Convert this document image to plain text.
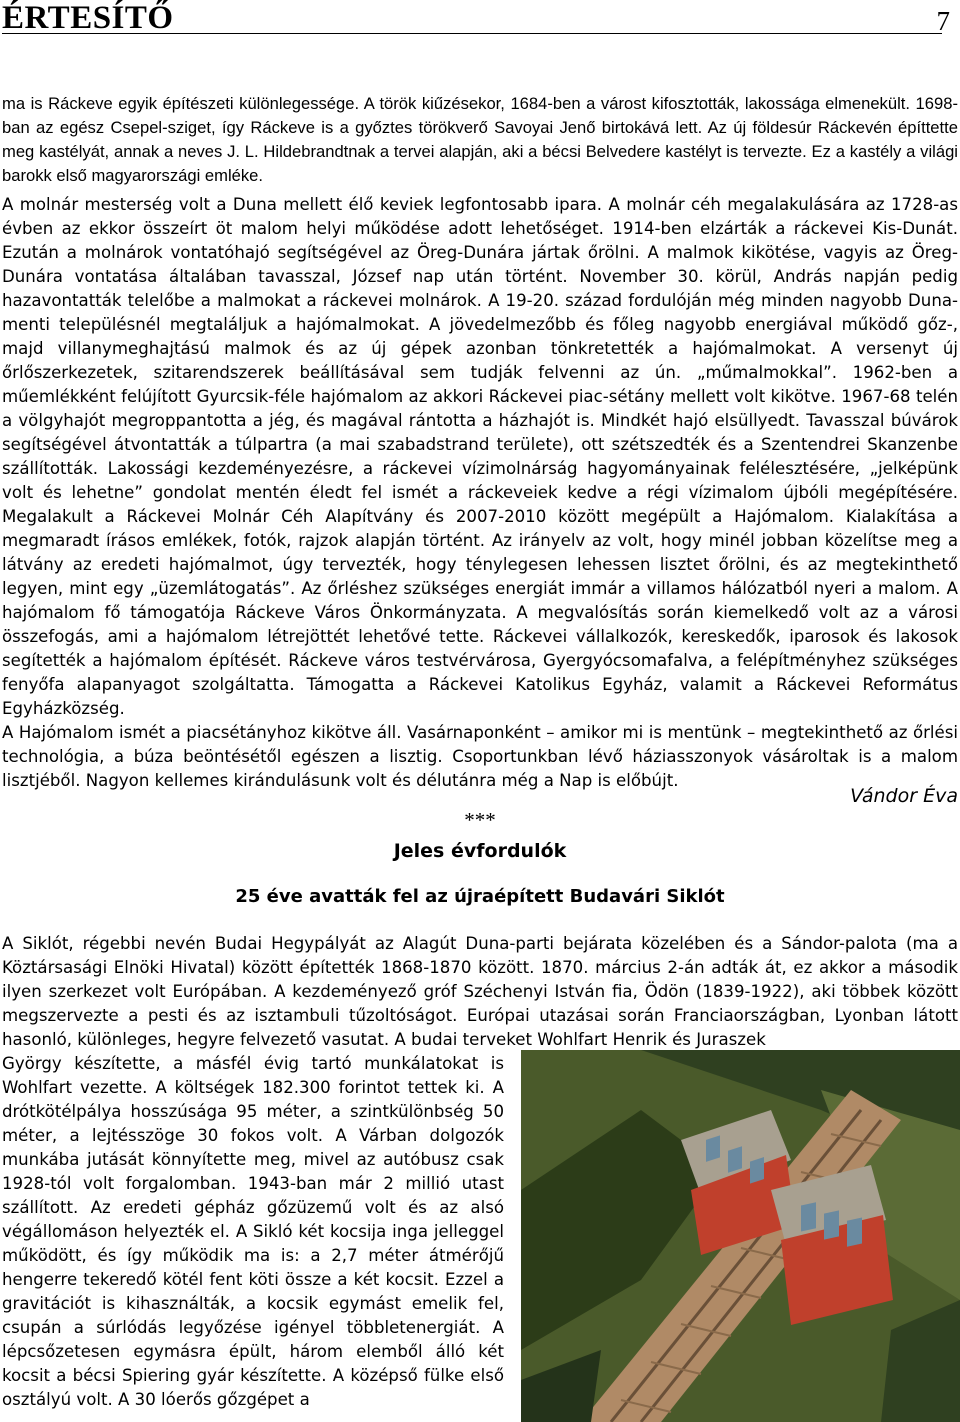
ÉRTESÍTŐ	7

ma is Ráckeve egyik építészeti különlegessége. A török kiűzésekor, 1684-ben a várost kifosztották, lakossága elmenekült. 1698-ban az egész Csepel-sziget, így Ráckeve is a győztes törökverő Savoyai Jenő birtokává lett. Az új földesúr Ráckevén építtette meg kastélyát, annak a neves J. L. Hildebrandtnak a tervei alapján, aki a bécsi Belvedere kastélyt is tervezte. Ez a kastély a világi barokk első magyarországi emléke.

A molnár mesterség volt a Duna mellett élő keviek legfontosabb ipara. A molnár céh megalakulására az 1728-as évben az ekkor összeírt öt malom helyi működése adott lehetőséget. 1914-ben elzárták a ráckevei Kis-Dunát. Ezután a molnárok vontatóhajó segítségével az Öreg-Dunára jártak őrölni. A malmok kikötése, vagyis az Öreg-Dunára vontatása általában tavasszal, József nap után történt. November 30. körül, András napján pedig hazavontatták telelőbe a malmokat a ráckevei molnárok. A 19-20. század fordulóján még minden nagyobb Duna-menti településnél megtaláljuk a hajómalmokat. A jövedelmezőbb és főleg nagyobb energiával működő gőz-, majd villanymeghajtású malmok és az új gépek azonban tönkretették a hajómalmokat. A versenyt új őrlőszerkezetek, szitarendszerek beállításával sem tudják felvenni az ún. „műmalmokkal”. 1962-ben a műemlékként felújított Gyurcsik-féle hajómalom az akkori Ráckevei piac-sétány mellett volt kikötve. 1967-68 telén a völgyhajót megroppantotta a jég, és magával rántotta a házhajót is. Mindkét hajó elsüllyedt. Tavasszal búvárok segítségével átvontatták a túlpartra (a mai szabadstrand területe), ott szétszedték és a Szentendrei Skanzenbe szállították. Lakossági kezdeményezésre, a ráckevei vízimolnárság hagyományainak felélesztésére, „jelképünk volt és lehetne” gondolat mentén éledt fel ismét a ráckeveiek kedve a régi vízimalom újbóli megépítésére. Megalakult a Ráckevei Molnár Céh Alapítvány és 2007-2010 között megépült a Hajómalom. Kialakítása a megmaradt írásos emlékek, fotók, rajzok alapján történt. Az irányelv az volt, hogy minél jobban közelítse meg a látvány az eredeti hajómalmot, úgy tervezték, hogy ténylegesen lehessen lisztet őrölni, és az megtekinthető legyen, mint egy „üzemlátogatás”. Az őrléshez szükséges energiát immár a villamos hálózatból nyeri a malom. A hajómalom fő támogatója Ráckeve Város Önkormányzata. A megvalósítás során kiemelkedő volt az a városi összefogás, ami a hajómalom létrejöttét lehetővé tette. Ráckevei vállalkozók, kereskedők, iparosok és lakosok segítették a hajómalom építését. Ráckeve város testvérvárosa, Gyergyócsomafalva, a felépítményhez szükséges fenyőfa alapanyagot szolgáltatta. Támogatta a Ráckevei Katolikus Egyház, valamit a Ráckevei Református Egyházközség.
A Hajómalom ismét a piacsétányhoz kikötve áll. Vasárnaponként – amikor mi is mentünk – megtekinthető az őrlési technológia, a búza beöntésétől egészen a lisztig. Csoportunkban lévő háziasszonyok vásároltak is a malom lisztjéből. Nagyon kellemes kirándulásunk volt és délutánra még a Nap is előbújt.

Vándor Éva
***
Jeles évfordulók
25 éve avatták fel az újraépített Budavári Siklót

A Siklót, régebbi nevén Budai Hegypályát az Alagút Duna-parti bejárata közelében és a Sándor-palota (ma a Köztársasági Elnöki Hivatal) között építették 1868-1870 között. 1870. március 2-án adták át, ez akkor a második ilyen szerkezet volt Európában. A kezdeményező gróf Széchenyi István fia, Ödön (1839-1922), aki többek között megszervezte a pesti és az isztambuli tűzoltóságot. Európai utazásai során Franciaországban, Lyonban látott hasonló, különleges, hegyre felvezető vasutat. A budai terveket Wohlfart Henrik és Juraszek

György készítette, a másfél évig tartó munkálatokat is Wohlfart vezette. A költségek 182.300 forintot tettek ki. A drótkötélpálya hosszúsága 95 méter, a szintkülönbség 50 méter, a lejtésszöge 30 fokos volt. A Várban dolgozók munkába jutását könnyítette meg, mivel az autóbusz csak 1928-tól volt forgalomban. 1943-ban már 2 millió utast szállított. Az eredeti gépház gőzüzemű volt és az alsó végállomáson helyezték el. A Sikló két kocsija inga jelleggel működött, és így működik ma is: a 2,7 méter átmérőjű hengerre tekeredő kötél fent köti össze a két kocsit. Ezzel a gravitációt is kihasználták, a kocsik egymást emelik fel, csupán a súrlódás legyőzése igényel többletenergiát. A lépcsőzetesen egymásra épült, három elemből álló két kocsit a bécsi Spiering gyár készítette. A középső fülke első osztályú volt. A 30 lóerős gőzgépet a
